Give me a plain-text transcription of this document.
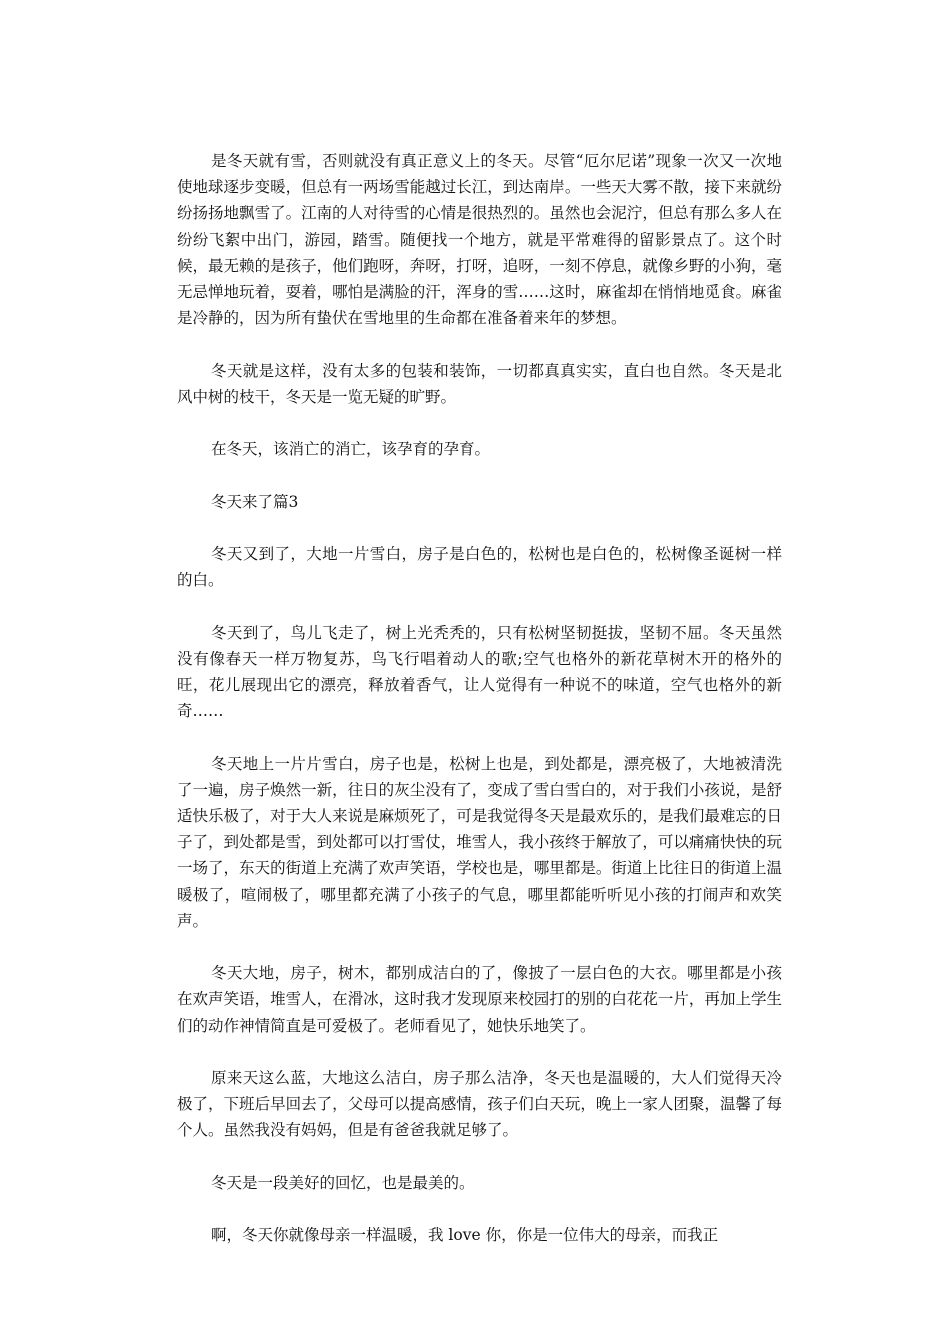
是冬天就有雪，否则就没有真正意义上的冬天。尽管“厄尔尼诺”现象一次又一次地使地球逐步变暖，但总有一两场雪能越过长江，到达南岸。一些天大雾不散，接下来就纷纷扬扬地飘雪了。江南的人对待雪的心情是很热烈的。虽然也会泥泞，但总有那么多人在纷纷飞絮中出门，游园，踏雪。随便找一个地方，就是平常难得的留影景点了。这个时候，最无赖的是孩子，他们跑呀，奔呀，打呀，追呀，一刻不停息，就像乡野的小狗，毫无忌惮地玩着，耍着，哪怕是满脸的汗，浑身的雪……这时，麻雀却在悄悄地觅食。麻雀是冷静的，因为所有蛰伏在雪地里的生命都在准备着来年的梦想。

冬天就是这样，没有太多的包装和装饰，一切都真真实实，直白也自然。冬天是北风中树的枝干，冬天是一览无疑的旷野。

在冬天，该消亡的消亡，该孕育的孕育。

冬天来了篇3

冬天又到了，大地一片雪白，房子是白色的，松树也是白色的，松树像圣诞树一样的白。

冬天到了，鸟儿飞走了，树上光秃秃的，只有松树坚韧挺拔，坚韧不屈。冬天虽然没有像春天一样万物复苏，鸟飞行唱着动人的歌;空气也格外的新花草树木开的格外的旺，花儿展现出它的漂亮，释放着香气，让人觉得有一种说不的味道，空气也格外的新奇……

冬天地上一片片雪白，房子也是，松树上也是，到处都是，漂亮极了，大地被清洗了一遍，房子焕然一新，往日的灰尘没有了，变成了雪白雪白的，对于我们小孩说，是舒适快乐极了，对于大人来说是麻烦死了，可是我觉得冬天是最欢乐的，是我们最难忘的日子了，到处都是雪，到处都可以打雪仗，堆雪人，我小孩终于解放了，可以痛痛快快的玩一场了，东天的街道上充满了欢声笑语，学校也是，哪里都是。街道上比往日的街道上温暖极了，喧闹极了，哪里都充满了小孩子的气息，哪里都能听听见小孩的打闹声和欢笑声。

冬天大地，房子，树木，都别成洁白的了，像披了一层白色的大衣。哪里都是小孩在欢声笑语，堆雪人，在滑冰，这时我才发现原来校园打的别的白花花一片，再加上学生们的动作神情简直是可爱极了。老师看见了，她快乐地笑了。

原来天这么蓝，大地这么洁白，房子那么洁净，冬天也是温暖的，大人们觉得天冷极了，下班后早回去了，父母可以提高感情，孩子们白天玩，晚上一家人团聚，温馨了每个人。虽然我没有妈妈，但是有爸爸我就足够了。

冬天是一段美好的回忆，也是最美的。

啊，冬天你就像母亲一样温暖，我 love 你，你是一位伟大的母亲，而我正
